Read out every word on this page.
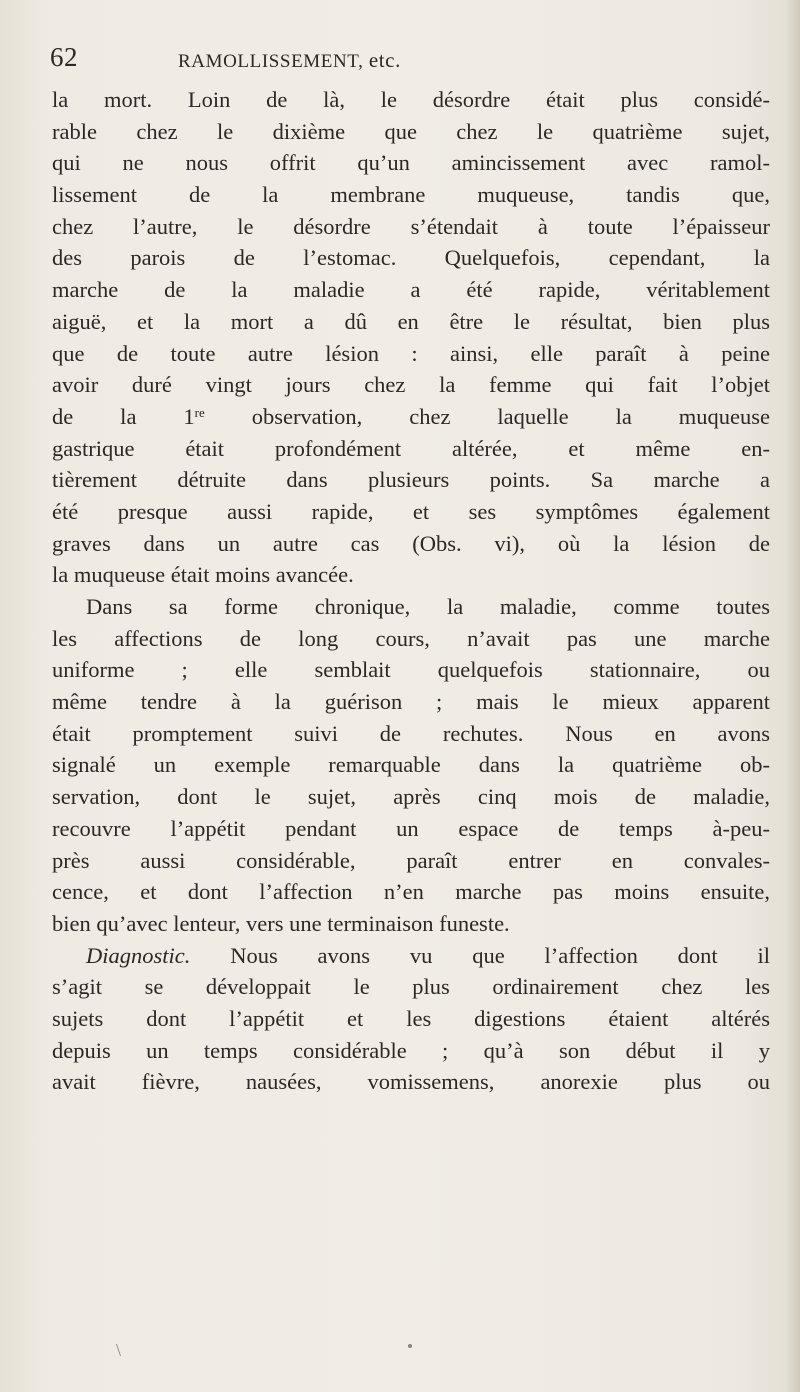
62	RAMOLLISSEMENT, etc.
la mort. Loin de là, le désordre était plus considé-
rable chez le dixième que chez le quatrième sujet,
qui ne nous offrit qu’un amincissement avec ramol-
lissement de la membrane muqueuse, tandis que,
chez l’autre, le désordre s’étendait à toute l’épaisseur
des parois de l’estomac. Quelquefois, cependant, la
marche de la maladie a été rapide, véritablement
aiguë, et la mort a dû en être le résultat, bien plus
que de toute autre lésion : ainsi, elle paraît à peine
avoir duré vingt jours chez la femme qui fait l’objet
de la 1re observation, chez laquelle la muqueuse
gastrique était profondément altérée, et même en-
tièrement détruite dans plusieurs points. Sa marche a
été presque aussi rapide, et ses symptômes également
graves dans un autre cas (Obs. vi), où la lésion de
la muqueuse était moins avancée.
Dans sa forme chronique, la maladie, comme toutes
les affections de long cours, n’avait pas une marche
uniforme ; elle semblait quelquefois stationnaire, ou
même tendre à la guérison ; mais le mieux apparent
était promptement suivi de rechutes. Nous en avons
signalé un exemple remarquable dans la quatrième ob-
servation, dont le sujet, après cinq mois de maladie,
recouvre l’appétit pendant un espace de temps à-peu-
près aussi considérable, paraît entrer en convales-
cence, et dont l’affection n’en marche pas moins ensuite,
bien qu’avec lenteur, vers une terminaison funeste.
Diagnostic. Nous avons vu que l’affection dont il
s’agit se développait le plus ordinairement chez les
sujets dont l’appétit et les digestions étaient altérés
depuis un temps considérable ; qu’à son début il y
avait fièvre, nausées, vomissemens, anorexie plus ou
\
